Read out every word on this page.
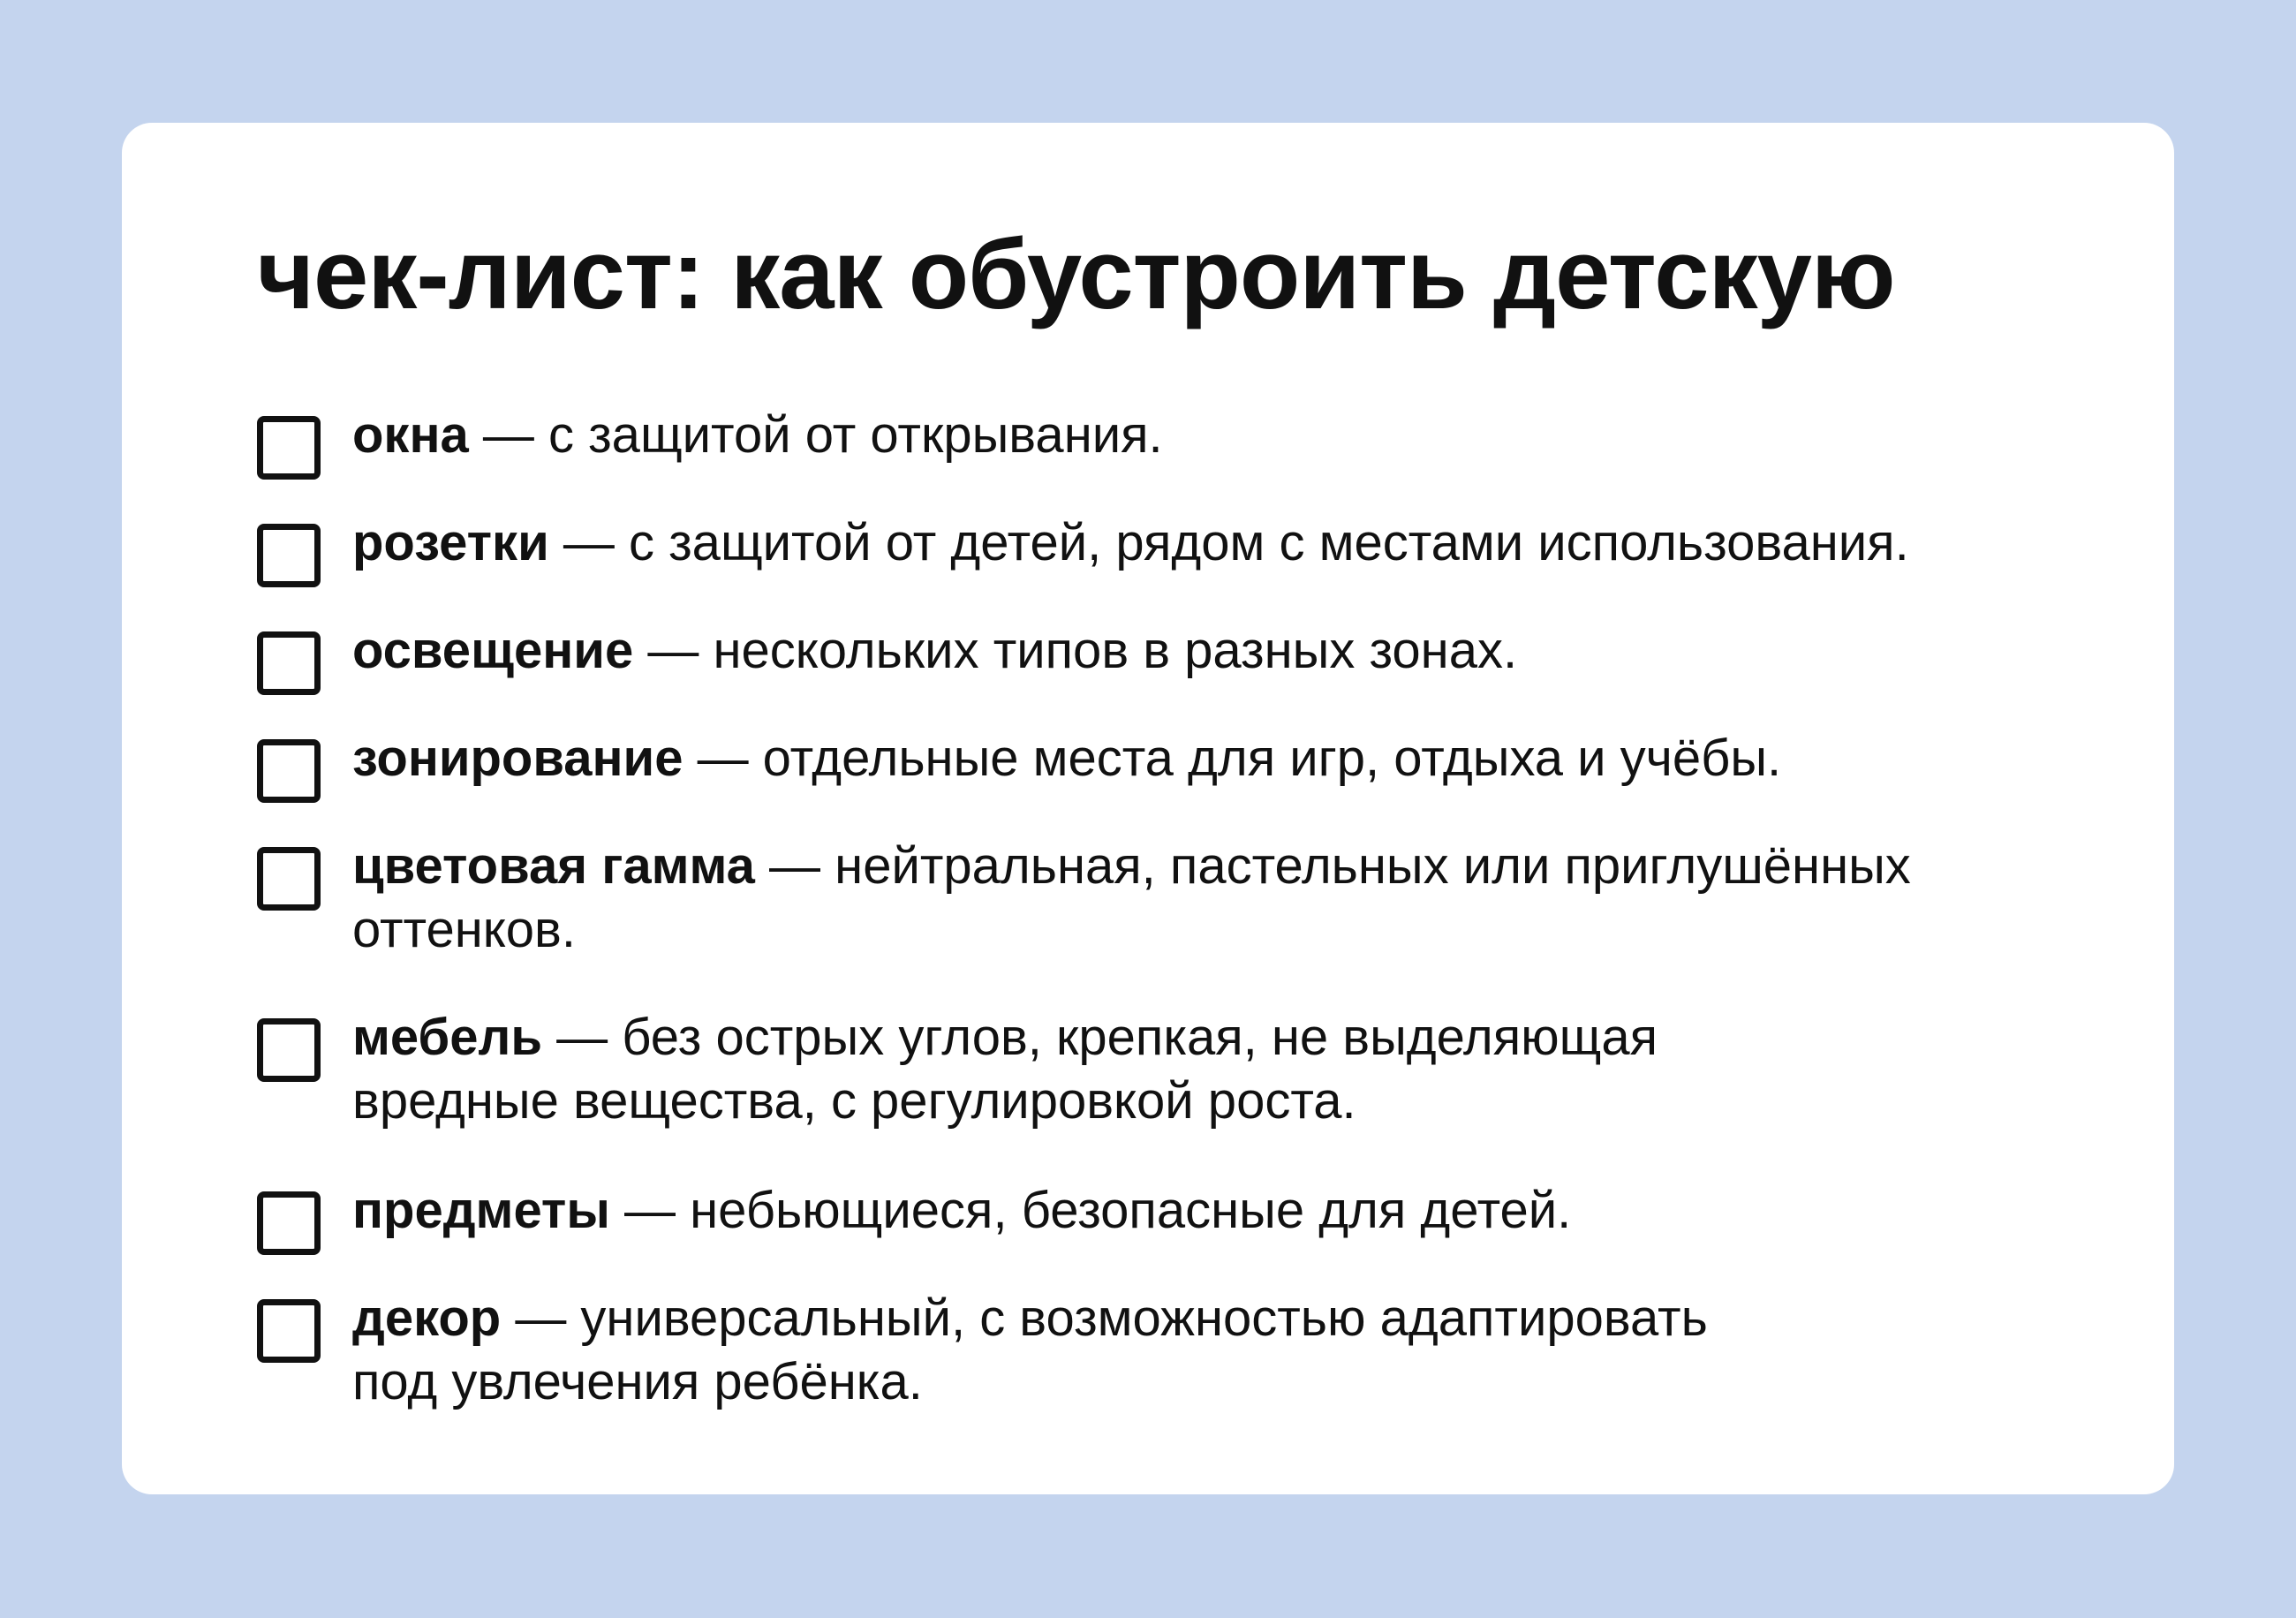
чек-лист: как обустроить детскую
окна — с защитой от открывания.
розетки — с защитой от детей, рядом с местами использования.
освещение — нескольких типов в разных зонах.
зонирование — отдельные места для игр, отдыха и учёбы.
цветовая гамма — нейтральная, пастельных или приглушённых
оттенков.
мебель — без острых углов, крепкая, не выделяющая
вредные вещества, с регулировкой роста.
предметы — небьющиеся, безопасные для детей.
декор — универсальный, с возможностью адаптировать
под увлечения ребёнка.
